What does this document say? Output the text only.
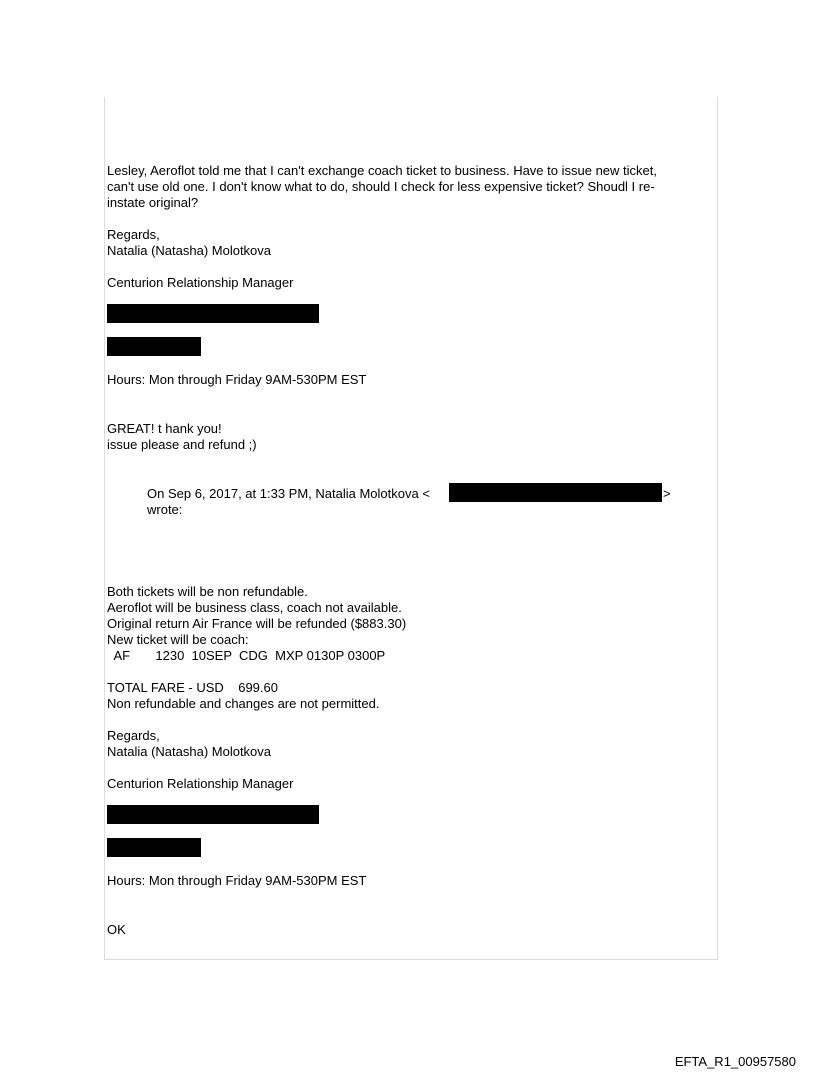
Lesley, Aeroflot told me that I can't exchange coach ticket to business. Have to issue new ticket,

can't use old one. I don't know what to do, should I check for less expensive ticket? Shoudl I re-

instate original?

Regards,

Natalia (Natasha) Molotkova

Centurion Relationship Manager

Hours: Mon through Friday 9AM-530PM EST

GREAT! t hank you!

issue please and refund ;)

On Sep 6, 2017, at 1:33 PM, Natalia Molotkova <	>

wrote:

Both tickets will be non refundable.

Aeroflot will be business class, coach not available.

Original return Air France will be refunded ($883.30)

New ticket will be coach:

AF       1230  10SEP  CDG  MXP 0130P 0300P

TOTAL FARE - USD    699.60

Non refundable and changes are not permitted.

Regards,

Natalia (Natasha) Molotkova

Centurion Relationship Manager

Hours: Mon through Friday 9AM-530PM EST

OK

EFTA_R1_00957580
